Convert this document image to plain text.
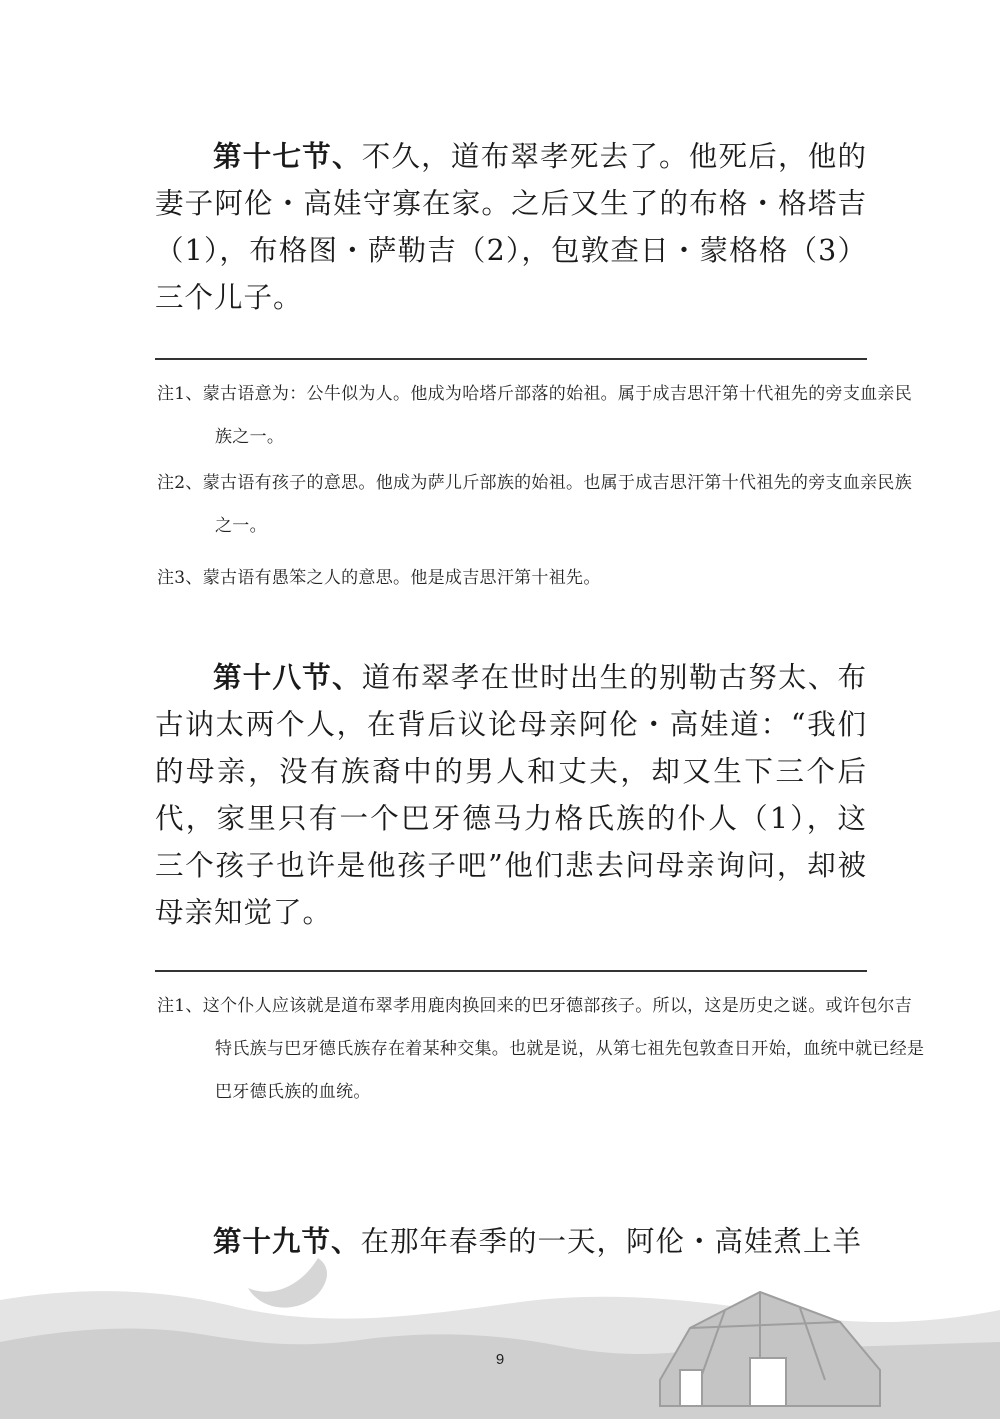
第十七节、不久，道布翠孝死去了。他死后，他的妻子阿伦・高娃守寡在家。之后又生了的布格・格塔吉（1），布格图・萨勒吉（2），包敦查日・蒙格格（3）三个儿子。

注1、蒙古语意为：公牛似为人。他成为哈塔斤部落的始祖。属于成吉思汗第十代祖先的旁支血亲民族之一。

注2、蒙古语有孩子的意思。他成为萨儿斤部族的始祖。也属于成吉思汗第十代祖先的旁支血亲民族之一。

注3、蒙古语有愚笨之人的意思。他是成吉思汗第十祖先。

第十八节、道布翠孝在世时出生的别勒古努太、布古讷太两个人，在背后议论母亲阿伦・高娃道：“我们的母亲，没有族裔中的男人和丈夫，却又生下三个后代，家里只有一个巴牙德马力格氏族的仆人（1），这三个孩子也许是他孩子吧”他们悲去问母亲询问，却被母亲知觉了。

注1、这个仆人应该就是道布翠孝用鹿肉换回来的巴牙德部孩子。所以，这是历史之谜。或许包尔吉特氏族与巴牙德氏族存在着某种交集。也就是说，从第七祖先包敦查日开始，血统中就已经是巴牙德氏族的血统。

第十九节、在那年春季的一天，阿伦・高娃煮上羊

9
